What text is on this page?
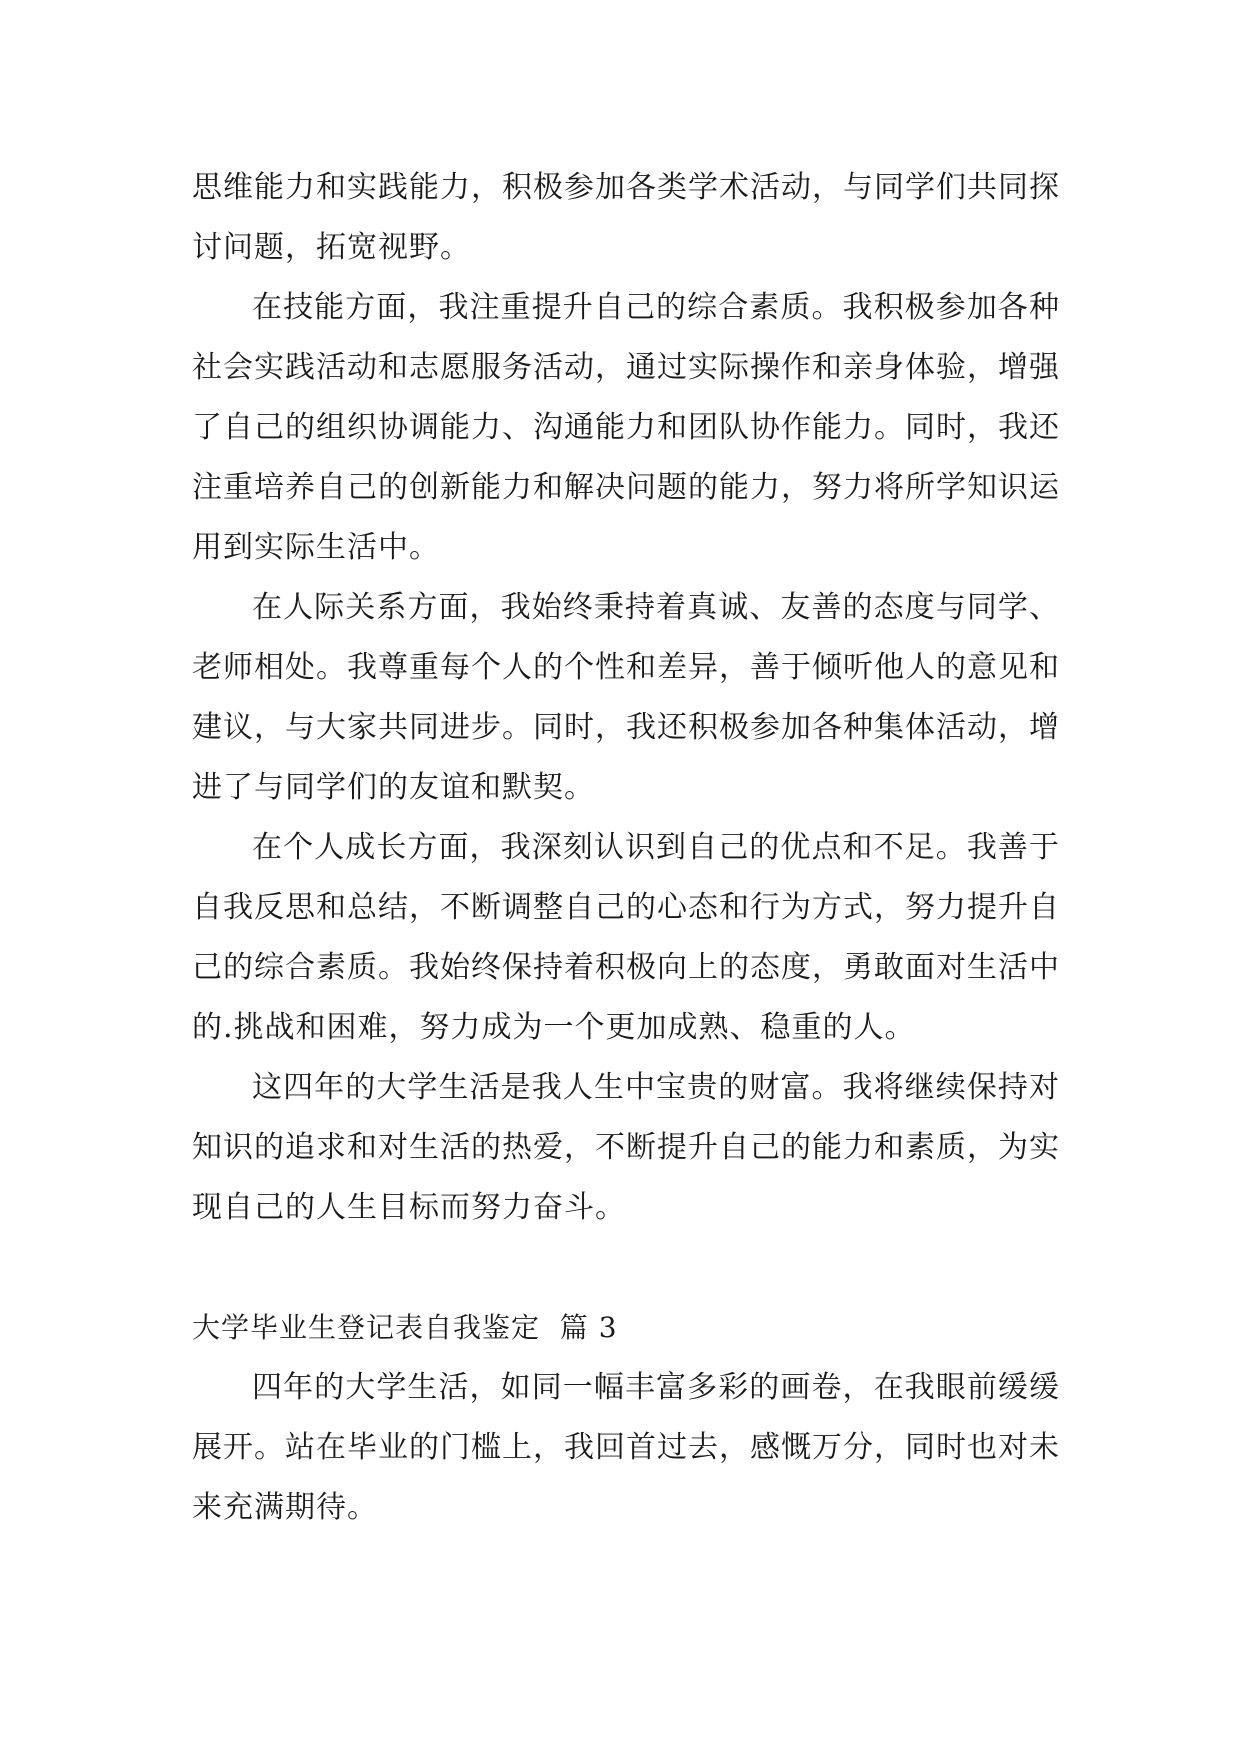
思维能力和实践能力，积极参加各类学术活动，与同学们共同探讨问题，拓宽视野。

在技能方面，我注重提升自己的综合素质。我积极参加各种社会实践活动和志愿服务活动，通过实际操作和亲身体验，增强了自己的组织协调能力、沟通能力和团队协作能力。同时，我还注重培养自己的创新能力和解决问题的能力，努力将所学知识运用到实际生活中。

在人际关系方面，我始终秉持着真诚、友善的态度与同学、老师相处。我尊重每个人的个性和差异，善于倾听他人的意见和建议，与大家共同进步。同时，我还积极参加各种集体活动，增进了与同学们的友谊和默契。

在个人成长方面，我深刻认识到自己的优点和不足。我善于自我反思和总结，不断调整自己的心态和行为方式，努力提升自己的综合素质。我始终保持着积极向上的态度，勇敢面对生活中的.挑战和困难，努力成为一个更加成熟、稳重的人。

这四年的大学生活是我人生中宝贵的财富。我将继续保持对知识的追求和对生活的热爱，不断提升自己的能力和素质，为实现自己的人生目标而努力奋斗。

大学毕业生登记表自我鉴定  篇 3

四年的大学生活，如同一幅丰富多彩的画卷，在我眼前缓缓展开。站在毕业的门槛上，我回首过去，感慨万分，同时也对未来充满期待。
